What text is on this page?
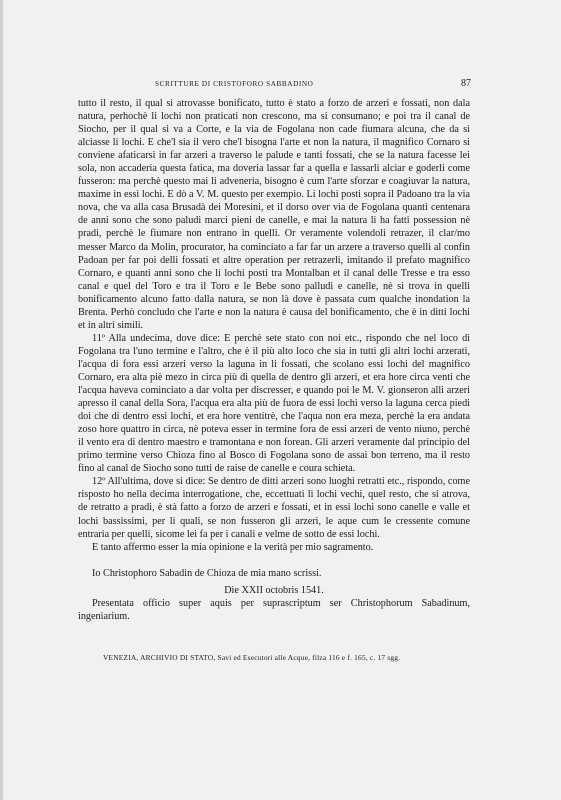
SCRITTURE DI CRISTOFORO SABBADINO	87

tutto il resto, il qual si atrovasse bonificato, tutto è stato a forzo de arzeri e fossati, non dala natura, perhochè li lochi non praticati non crescono, ma si consumano; e poi tra il canal de Sìocho, per il qual si va a Corte, e la via de Fogolana non cade fiumara alcuna, che da sì alciasse li lochi. E che'l sia il vero che'l bisogna l'arte et non la natura, il magnifico Cornaro si conviene afaticarsi in far arzeri a traverso le palude e tanti fossati, che se la natura facesse lei sola, non accaderia questa fatica, ma doveria lassar far a quella e lassarli alciar e goderli come fusseron: ma perchè questo mai li adveneria, bisogno è cum l'arte sforzar e coagiuvar la natura, maxime in essi lochi. E dò a V. M. questo per exempio. Li lochi posti sopra il Padoano tra la via nova, che va alla casa Brusadà dei Moresini, et il dorso over via de Fogolana quanti centenara de anni sono che sono paludi marci pieni de canelle, e mai la natura li ha fatti possession nè pradi, perchè le fiumare non entrano in quelli. Or veramente volendoli retrazer, il clar/mo messer Marco da Molin, procurator, ha cominciato a far far un arzere a traverso quelli al confin Padoan per far poi delli fossati et altre operation per retrazerli, imitando il prefato magnifico Cornaro, e quanti anni sono che li lochi posti tra Montalban et il canal delle Tresse e tra esso canal e quel del Toro e tra il Toro e le Bebe sono palludi e canelle, nè si trova in quelli bonificamento alcuno fatto dalla natura, se non là dove è passata cum qualche inondation la Brenta. Perhò concludo che l'arte e non la natura è causa del bonificamento, che è in ditti lochi et in altri simili.

11º Alla undecima, dove dice: E perchè sete stato con noi etc., rispondo che nel loco di Fogolana tra l'uno termine e l'altro, che è il più alto loco che sia in tutti gli altri lochi arzerati, l'acqua di fora essi arzeri verso la laguna in li fossati, che scolano essi lochi del magnifico Cornaro, era alta piè mezo in circa più di quella de dentro gli arzeri, et era hore circa venti che l'acqua haveva cominciato a dar volta per discresser, e quando poi le M. V. gionseron alli arzeri apresso il canal della Sora, l'acqua era alta più de fuora de essi lochi verso la laguna cerca piedi doi che di dentro essi lochi, et era hore ventitrè, che l'aqua non era meza, perchè la era andata zoso hore quattro in circa, nè poteva esser in termine fora de essi arzeri de vento niuno, perchè il vento era di dentro maestro e tramontana e non forean. Gli arzeri veramente dal principio del primo termine verso Chioza fino al Bosco di Fogolana sono de assai bon terreno, ma il resto fino al canal de Sìocho sono tutti de raise de canelle e coura schieta.

12º All'ultima, dove si dice: Se dentro de ditti arzeri sono luoghi retratti etc., rispondo, come risposto ho nella decima interrogatione, che, eccettuati li lochi vechi, quel resto, che si atrova, de retratto a pradi, è stà fatto a forzo de arzeri e fossati, et in essi lochi sono canelle e valle et lochi bassissimi, per li quali, se non fusseron gli arzeri, le aque cum le cressente comune entraria per quelli, sicome lei fa per i canali e velme de sotto de essi lochi.

E tanto affermo esser la mia opinione e la verità per mio sagramento.

Io Christophoro Sabadin de Chioza de mia mano scrissi.

Die XXII octobris 1541.

Presentata officio super aquis per suprascriptum ser Christophorum Sabadinum, ingeniarium.

VENEZIA, ARCHIVIO DI STATO, Savi ed Esecutori alle Acque, filza 116 e f. 165, c. 17 sgg.
